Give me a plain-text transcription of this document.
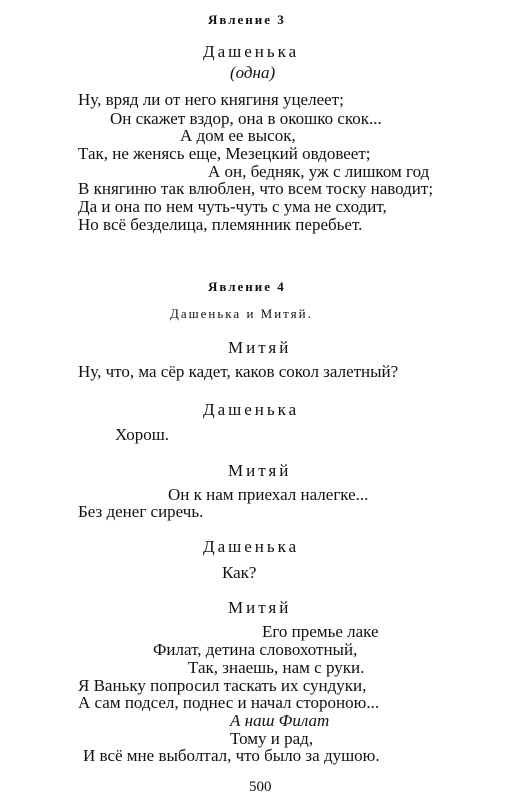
Явление 3
Дашенька
(одна)
Ну, вряд ли от него княгиня уцелеет;
Он скажет вздор, она в окошко скок...
А дом ее высок,
Так, не женясь еще, Мезецкий овдовеет;
А он, бедняк, уж с лишком год
В княгиню так влюблен, что всем тоску наводит;
Да и она по нем чуть-чуть с ума не сходит,
Но всё безделица, племянник перебьет.
Явление 4
Дашенька и Митяй.
Митяй
Ну, что, ма сёр кадет, каков сокол залетный?
Дашенька
Хорош.
Митяй
Он к нам приехал налегке...
Без денег сиречь.
Дашенька
Как?
Митяй
Его премье лаке
Филат, детина словохотный,
Так, знаешь, нам с руки.
Я Ваньку попросил таскать их сундуки,
А сам подсел, поднес и начал стороною...
А наш Филат
Тому и рад,
И всё мне выболтал, что было за душою.
500
